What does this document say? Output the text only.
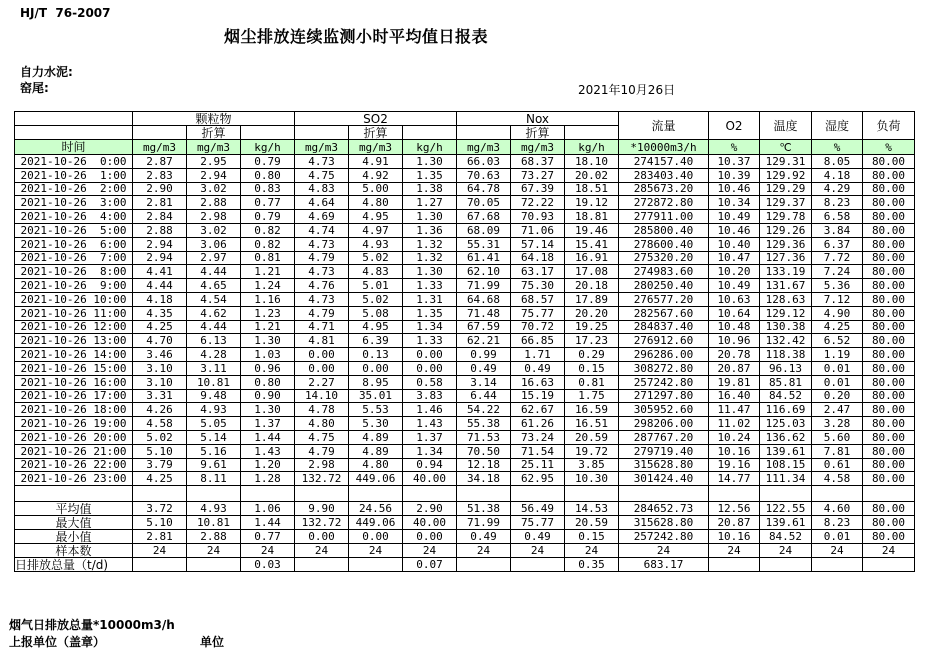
HJ/T  76-2007
烟尘排放连续监测小时平均值日报表
自力水泥:
窑尾:	2021年10月26日
	颗粒物			SO2			Nox			流量	O2	温度	湿度	负荷
		折算			折算			折算						
时间	mg/m3	mg/m3	kg/h	mg/m3	mg/m3	kg/h	mg/m3	mg/m3	kg/h	*10000m3/h	%	℃	%	%
2021-10-26  0:00	2.87	2.95	0.79	4.73	4.91	1.30	66.03	68.37	18.10	274157.40	10.37	129.31	8.05	80.00
2021-10-26  1:00	2.83	2.94	0.80	4.75	4.92	1.35	70.63	73.27	20.02	283403.40	10.39	129.92	4.18	80.00
2021-10-26  2:00	2.90	3.02	0.83	4.83	5.00	1.38	64.78	67.39	18.51	285673.20	10.46	129.29	4.29	80.00
2021-10-26  3:00	2.81	2.88	0.77	4.64	4.80	1.27	70.05	72.22	19.12	272872.80	10.34	129.37	8.23	80.00
2021-10-26  4:00	2.84	2.98	0.79	4.69	4.95	1.30	67.68	70.93	18.81	277911.00	10.49	129.78	6.58	80.00
2021-10-26  5:00	2.88	3.02	0.82	4.74	4.97	1.36	68.09	71.06	19.46	285800.40	10.46	129.26	3.84	80.00
2021-10-26  6:00	2.94	3.06	0.82	4.73	4.93	1.32	55.31	57.14	15.41	278600.40	10.40	129.36	6.37	80.00
2021-10-26  7:00	2.94	2.97	0.81	4.79	5.02	1.32	61.41	64.18	16.91	275320.20	10.47	127.36	7.72	80.00
2021-10-26  8:00	4.41	4.44	1.21	4.73	4.83	1.30	62.10	63.17	17.08	274983.60	10.20	133.19	7.24	80.00
2021-10-26  9:00	4.44	4.65	1.24	4.76	5.01	1.33	71.99	75.30	20.18	280250.40	10.49	131.67	5.36	80.00
2021-10-26 10:00	4.18	4.54	1.16	4.73	5.02	1.31	64.68	68.57	17.89	276577.20	10.63	128.63	7.12	80.00
2021-10-26 11:00	4.35	4.62	1.23	4.79	5.08	1.35	71.48	75.77	20.20	282567.60	10.64	129.12	4.90	80.00
2021-10-26 12:00	4.25	4.44	1.21	4.71	4.95	1.34	67.59	70.72	19.25	284837.40	10.48	130.38	4.25	80.00
2021-10-26 13:00	4.70	6.13	1.30	4.81	6.39	1.33	62.21	66.85	17.23	276912.60	10.96	132.42	6.52	80.00
2021-10-26 14:00	3.46	4.28	1.03	0.00	0.13	0.00	0.99	1.71	0.29	296286.00	20.78	118.38	1.19	80.00
2021-10-26 15:00	3.10	3.11	0.96	0.00	0.00	0.00	0.49	0.49	0.15	308272.80	20.87	96.13	0.01	80.00
2021-10-26 16:00	3.10	10.81	0.80	2.27	8.95	0.58	3.14	16.63	0.81	257242.80	19.81	85.81	0.01	80.00
2021-10-26 17:00	3.31	9.48	0.90	14.10	35.01	3.83	6.44	15.19	1.75	271297.80	16.40	84.52	0.20	80.00
2021-10-26 18:00	4.26	4.93	1.30	4.78	5.53	1.46	54.22	62.67	16.59	305952.60	11.47	116.69	2.47	80.00
2021-10-26 19:00	4.58	5.05	1.37	4.80	5.30	1.43	55.38	61.26	16.51	298206.00	11.02	125.03	3.28	80.00
2021-10-26 20:00	5.02	5.14	1.44	4.75	4.89	1.37	71.53	73.24	20.59	287767.20	10.24	136.62	5.60	80.00
2021-10-26 21:00	5.10	5.16	1.43	4.79	4.89	1.34	70.50	71.54	19.72	279719.40	10.16	139.61	7.81	80.00
2021-10-26 22:00	3.79	9.61	1.20	2.98	4.80	0.94	12.18	25.11	3.85	315628.80	19.16	108.15	0.61	80.00
2021-10-26 23:00	4.25	8.11	1.28	132.72	449.06	40.00	34.18	62.95	10.30	301424.40	14.77	111.34	4.58	80.00

平均值	3.72	4.93	1.06	9.90	24.56	2.90	51.38	56.49	14.53	284652.73	12.56	122.55	4.60	80.00
最大值	5.10	10.81	1.44	132.72	449.06	40.00	71.99	75.77	20.59	315628.80	20.87	139.61	8.23	80.00
最小值	2.81	2.88	0.77	0.00	0.00	0.00	0.49	0.49	0.15	257242.80	10.16	84.52	0.01	80.00
样本数	24	24	24	24	24	24	24	24	24	24	24	24	24	24
日排放总量（t/d)			0.03			0.07			0.35	683.17				
烟气日排放总量*10000m3/h
上报单位（盖章）	单位
